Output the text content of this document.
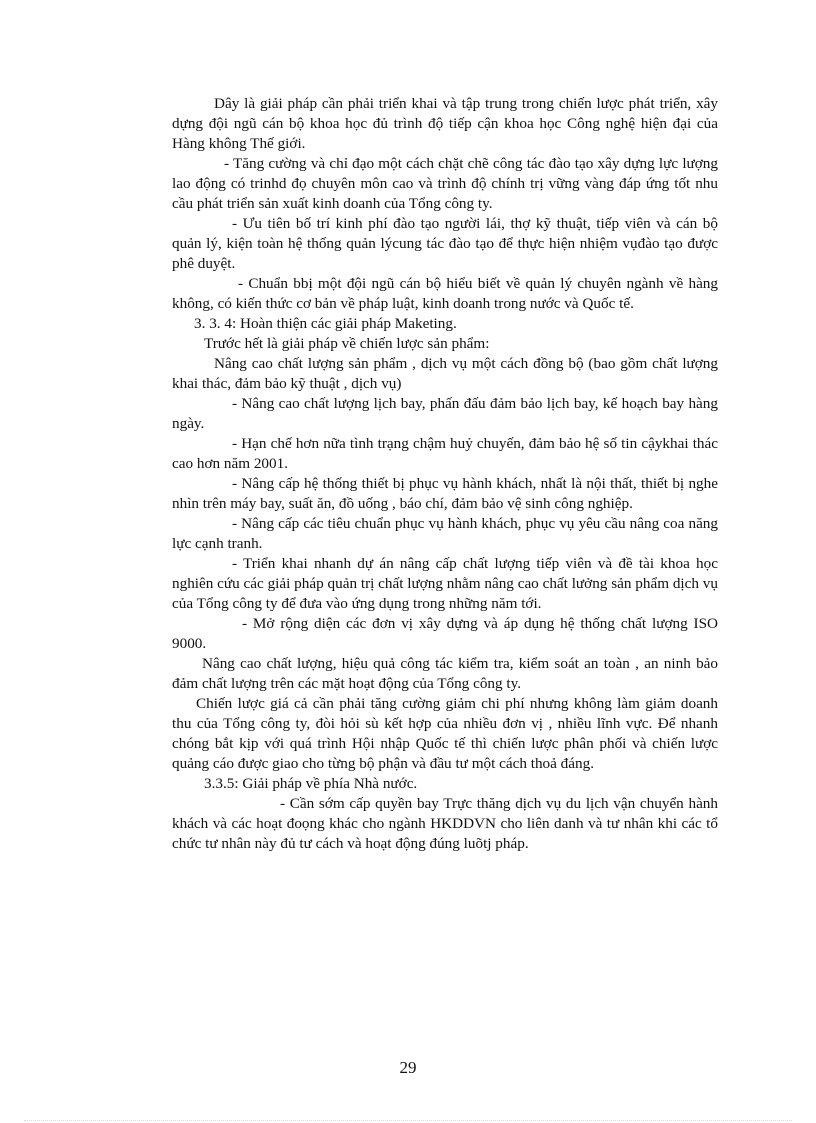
Dây là giải pháp cần phải triển khai và tập trung trong chiến lược phát triển, xây dựng đội ngũ cán bộ khoa học đủ trình độ tiếp cận khoa học Công nghệ hiện đại của Hàng không Thế giới.

- Tăng cường và chỉ đạo một cách chặt chẽ công tác đào tạo xây dựng lực lượng lao động có trinhd đọ chuyên môn cao và trình độ chính trị vững vàng đáp ứng tốt nhu cầu phát triển sản xuất kinh doanh của Tổng công ty.

- Ưu tiên bố trí kinh phí đào tạo người lái, thợ kỹ thuật, tiếp viên và cán bộ quản lý, kiện toàn hệ thống quản lýcung tác đào tạo để thực hiện nhiệm vụđào tạo được phê duyệt.

- Chuẩn bbị một đội ngũ cán bộ hiểu biết về quản lý chuyên ngành về hàng không, có kiến thức cơ bản về pháp luật, kinh doanh trong nước và Quốc tế.

3. 3. 4: Hoàn thiện các giải pháp Maketing.

Trước hết là giải pháp về chiến lược sản phẩm:

Nâng cao chất lượng sản phẩm , dịch vụ một cách đồng bộ (bao gồm chất lượng khai thác, đảm bảo kỹ thuật , dịch vụ)

- Nâng cao chất lượng lịch bay, phấn đấu đảm bảo lịch bay, kế hoạch bay hàng ngày.

- Hạn chế hơn nữa tình trạng chậm huỷ chuyến, đảm bảo hệ số tin cậykhai thác cao hơn năm 2001.

- Nâng cấp hệ thống thiết bị phục vụ hành khách, nhất là nội thất, thiết bị nghe nhìn trên máy bay, suất ăn, đồ uống , báo chí, đảm bảo vệ sinh công nghiệp.

- Nâng cấp các tiêu chuẩn phục vụ hành khách, phục vụ yêu cầu nâng coa năng lực cạnh tranh.

- Triển khai nhanh dự án nâng cấp chất lượng tiếp viên và đề tài khoa học nghiên cứu các giải pháp quản trị chất lượng nhằm nâng cao chất lưởng sản phẩm dịch vụ của Tổng công ty để đưa vào ứng dụng trong những năm tới.

- Mở rộng diện các đơn vị xây dựng và áp dụng hệ thống chất lượng ISO 9000.

Nâng cao chất lượng, hiệu quả công tác kiểm tra, kiểm soát an toàn , an ninh bảo đảm chất lượng trên các mặt hoạt động của Tổng công ty.

Chiến lược giá cả cần phải tăng cường giảm chi phí nhưng không làm giảm doanh thu của Tổng công ty, đòi hỏi sù kết hợp của nhiều đơn vị , nhiều lĩnh vực. Để nhanh chóng bắt kịp với quá trình Hội nhập Quốc tế thì chiến lược phân phối và chiến lược quảng cáo được giao cho từng bộ phận và đầu tư một cách thoả đáng.

3.3.5: Giải pháp về phía Nhà nước.

- Cần sớm cấp quyền bay Trực thăng dịch vụ du lịch vận chuyển hành khách và các hoạt đoọng khác cho ngành HKDDVN cho liên danh và tư nhân khi các tổ chức tư nhân này đủ tư cách và hoạt động đúng luõtj pháp.

29
